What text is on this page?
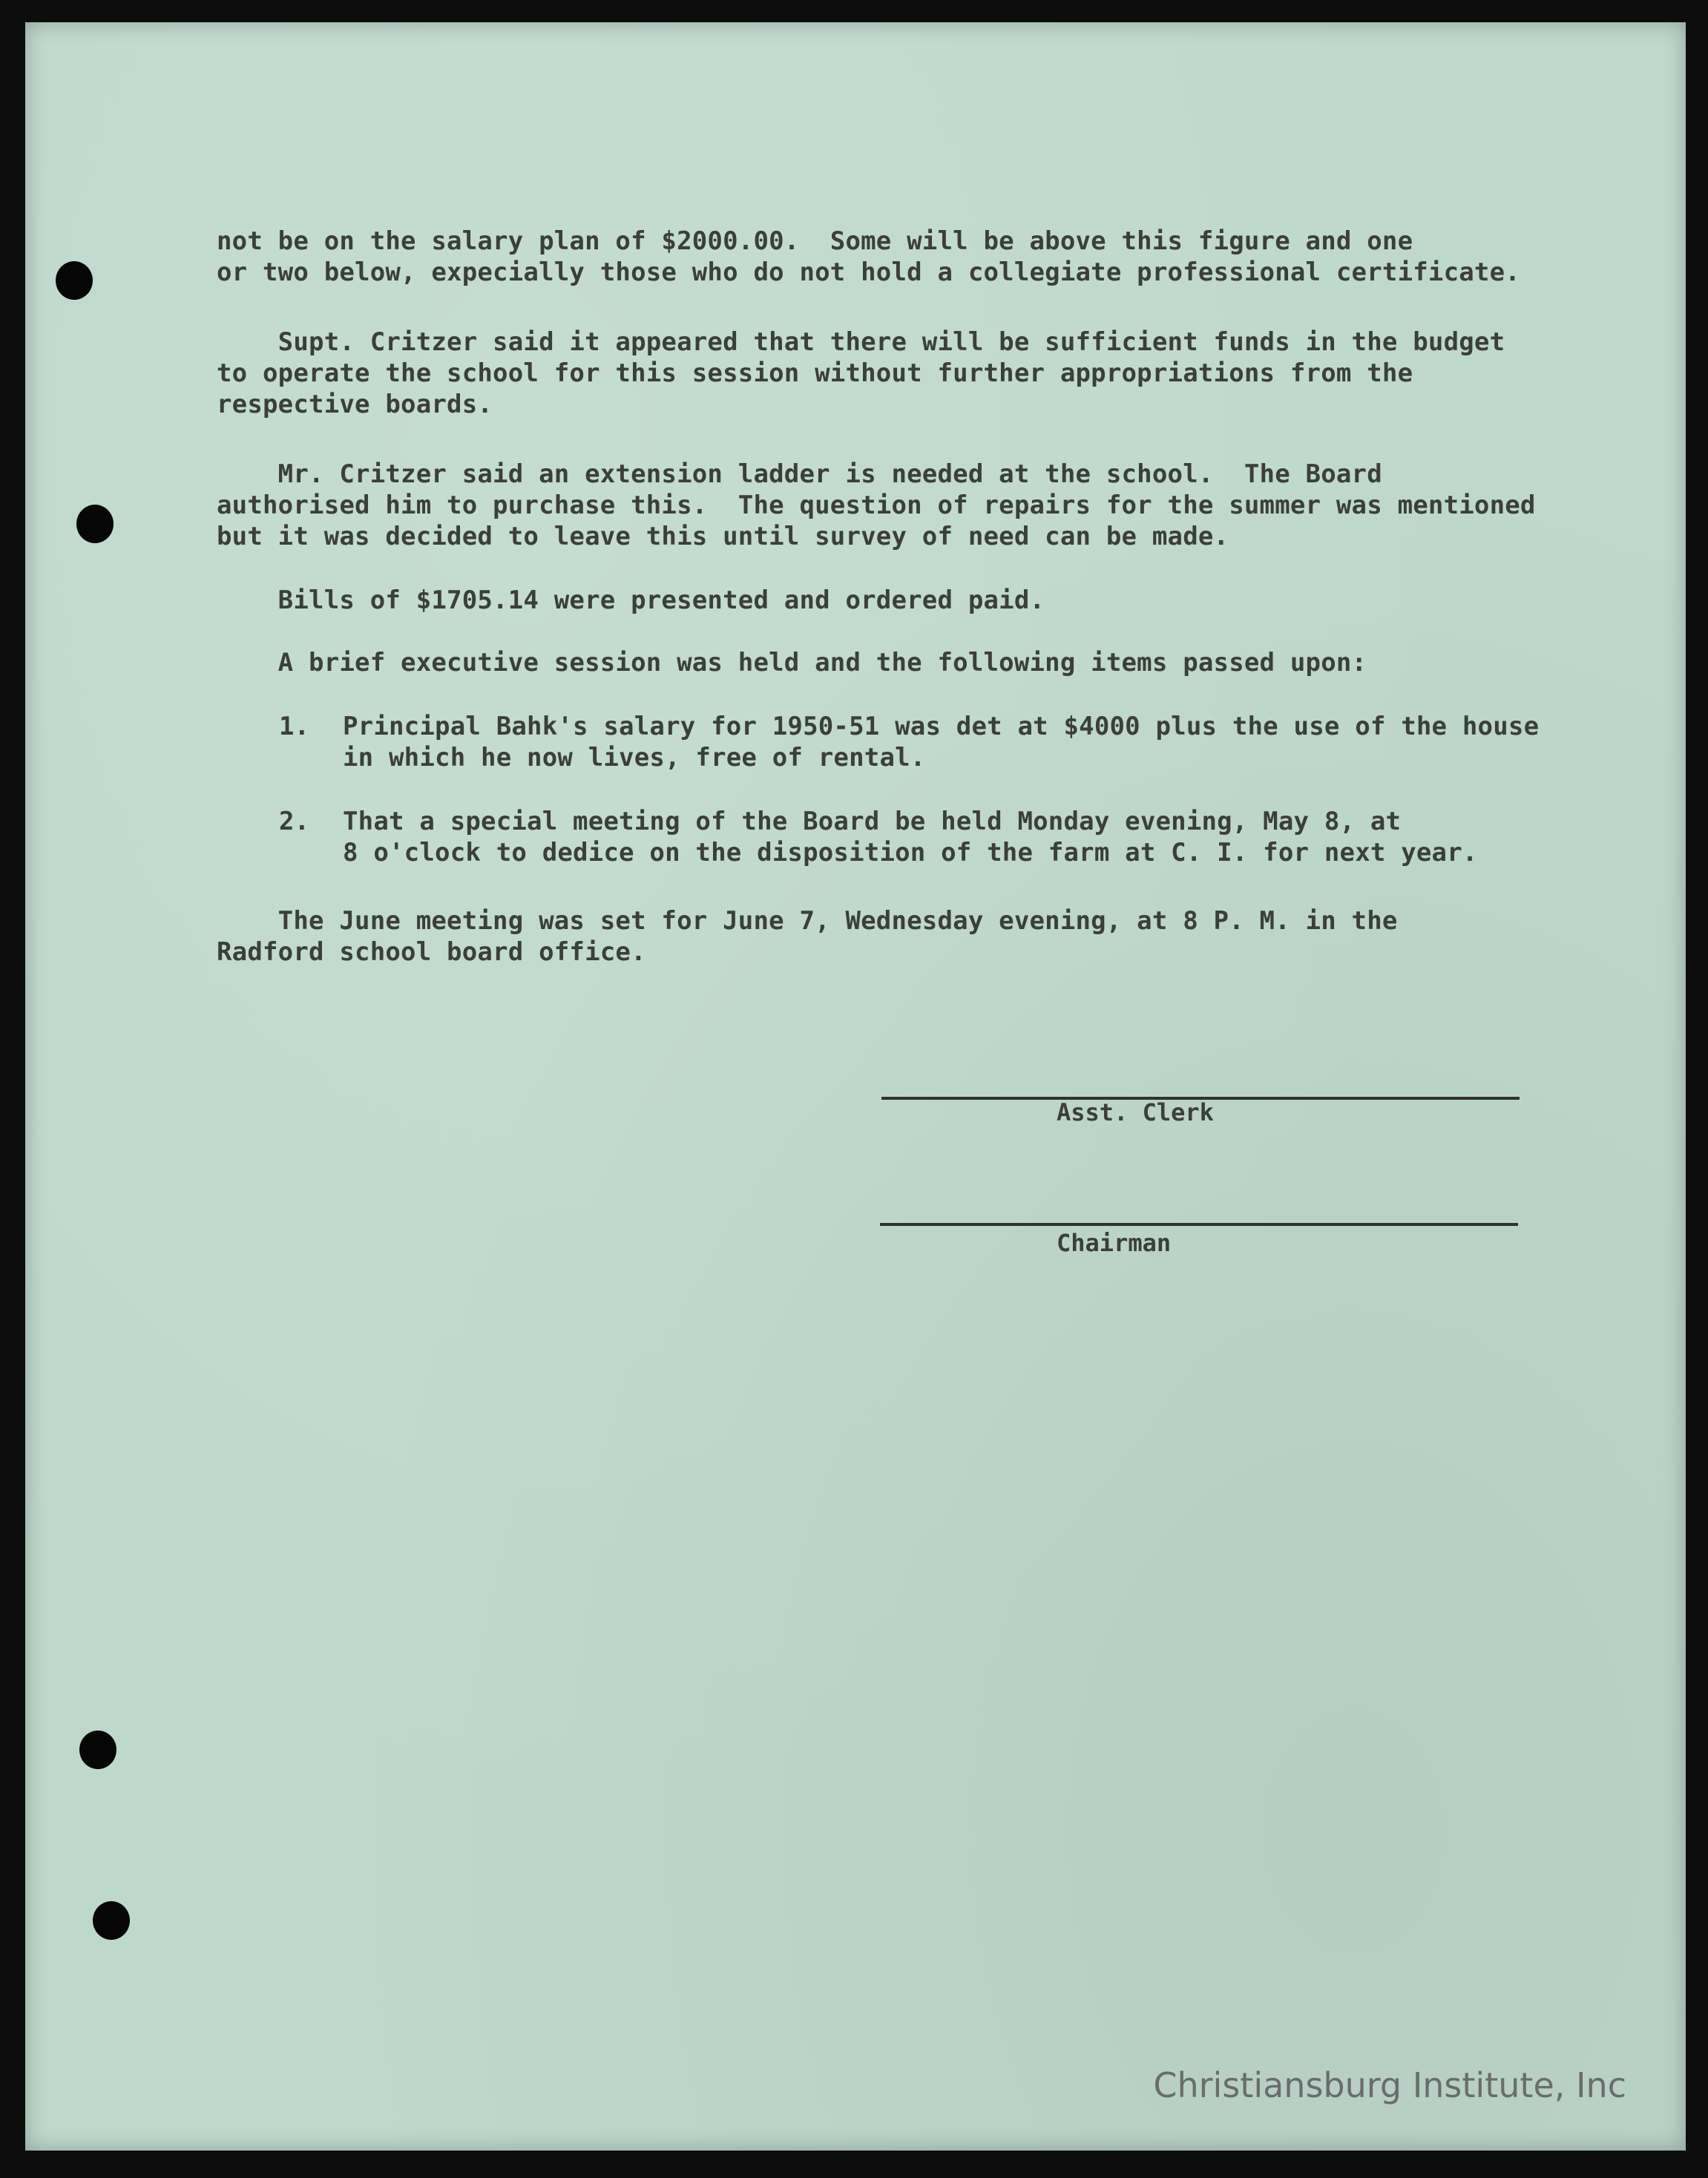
not be on the salary plan of $2000.00.  Some will be above this figure and one
or two below, expecially those who do not hold a collegiate professional certificate.
Supt. Critzer said it appeared that there will be sufficient funds in the budget
to operate the school for this session without further appropriations from the
respective boards.
Mr. Critzer said an extension ladder is needed at the school.  The Board
authorised him to purchase this.  The question of repairs for the summer was mentioned
but it was decided to leave this until survey of need can be made.
Bills of $1705.14 were presented and ordered paid.
A brief executive session was held and the following items passed upon:
1. Principal Bahk's salary for 1950-51 was det at $4000 plus the use of the house
in which he now lives, free of rental.
2. That a special meeting of the Board be held Monday evening, May 8, at
8 o'clock to dedice on the disposition of the farm at C. I. for next year.
The June meeting was set for June 7, Wednesday evening, at 8 P. M. in the
Radford school board office.
Asst. Clerk
Chairman
Christiansburg Institute, Inc
